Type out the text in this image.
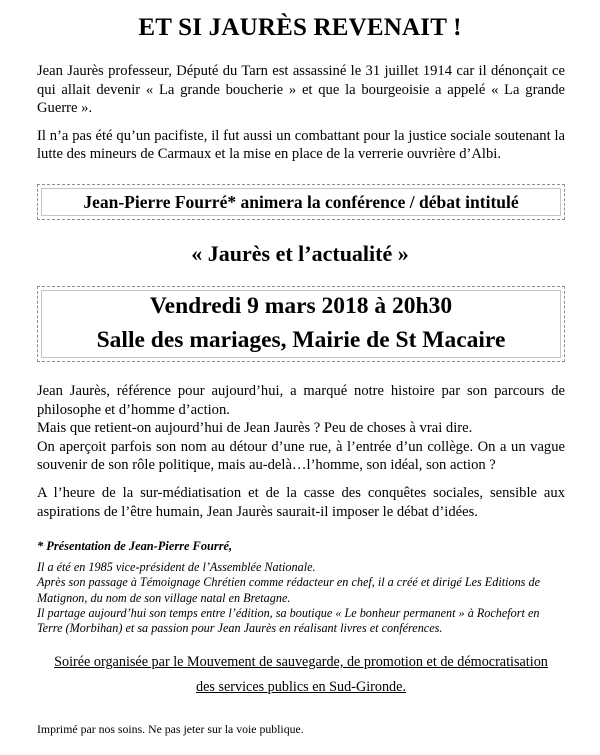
ET SI JAURÈS REVENAIT !

Jean Jaurès professeur, Député du Tarn est assassiné le 31 juillet 1914 car il dénonçait ce qui allait devenir « La grande boucherie » et que la bourgeoisie a appelé « La grande Guerre ».

Il n’a pas été qu’un pacifiste, il fut aussi un combattant pour la justice sociale soutenant la lutte des mineurs de Carmaux et la mise en place de la verrerie ouvrière d’Albi.

Jean-Pierre Fourré* animera la conférence / débat intitulé
« Jaurès et l’actualité »
Vendredi 9 mars 2018 à 20h30
Salle des mariages, Mairie de St Macaire

Jean Jaurès, référence pour aujourd’hui, a marqué notre histoire par son parcours de philosophe et d’homme d’action.

Mais que retient-on aujourd’hui de Jean Jaurès ? Peu de choses à vrai dire.

On aperçoit parfois son nom au détour d’une rue, à l’entrée d’un collège. On a un vague souvenir de son rôle politique, mais au-delà…l’homme, son idéal, son action ?

A l’heure de la sur-médiatisation et de la casse des conquêtes sociales, sensible aux aspirations de l’être humain, Jean Jaurès saurait-il imposer le débat d’idées.

* Présentation de Jean-Pierre Fourré,

Il a été en 1985 vice-président de l’Assemblée Nationale.

Après son passage à Témoignage Chrétien comme rédacteur en chef, il a créé et dirigé Les Editions de Matignon, du nom de son village natal en Bretagne.

Il partage aujourd’hui son temps entre l’édition, sa boutique « Le bonheur permanent » à Rochefort en Terre (Morbihan) et sa passion pour Jean Jaurès en réalisant livres et conférences.

Soirée organisée par le Mouvement de sauvegarde, de promotion et de démocratisation
des services publics en Sud-Gironde.
Imprimé par nos soins. Ne pas jeter sur la voie publique.
